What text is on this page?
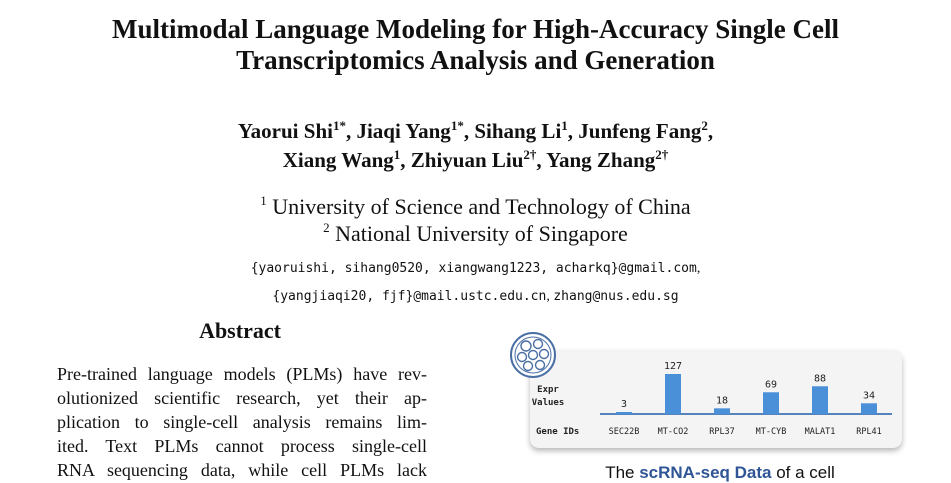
Multimodal Language Modeling for High-Accuracy Single Cell
Transcriptomics Analysis and Generation
Yaorui Shi$^{1*}$, Jiaqi Yang$^{1*}$, Sihang Li$^1$, Junfeng Fang$^2$,
Xiang Wang$^1$, Zhiyuan Liu$^{2\dagger}$, Yang Zhang$^{2\dagger}$
$^1$ University of Science and Technology of China
$^2$ National University of Singapore
{yaoruishi, sihang0520, xiangwang1223, acharkq}@gmail.com,
{yangjiaqi20, fjf}@mail.ustc.edu.cn, zhang@nus.edu.sg
Abstract
Pre-trained language models (PLMs) have rev-
olutionized scientific research, yet their ap-
plication to single-cell analysis remains lim-
ited. Text PLMs cannot process single-cell
RNA sequencing data, while cell PLMs lack
Expr
Values
Gene IDs
3
SEC22B
127
MT-CO2
18
RPL37
69
MT-CYB
88
MALAT1
34
RPL41
The scRNA-seq Data of a cell
